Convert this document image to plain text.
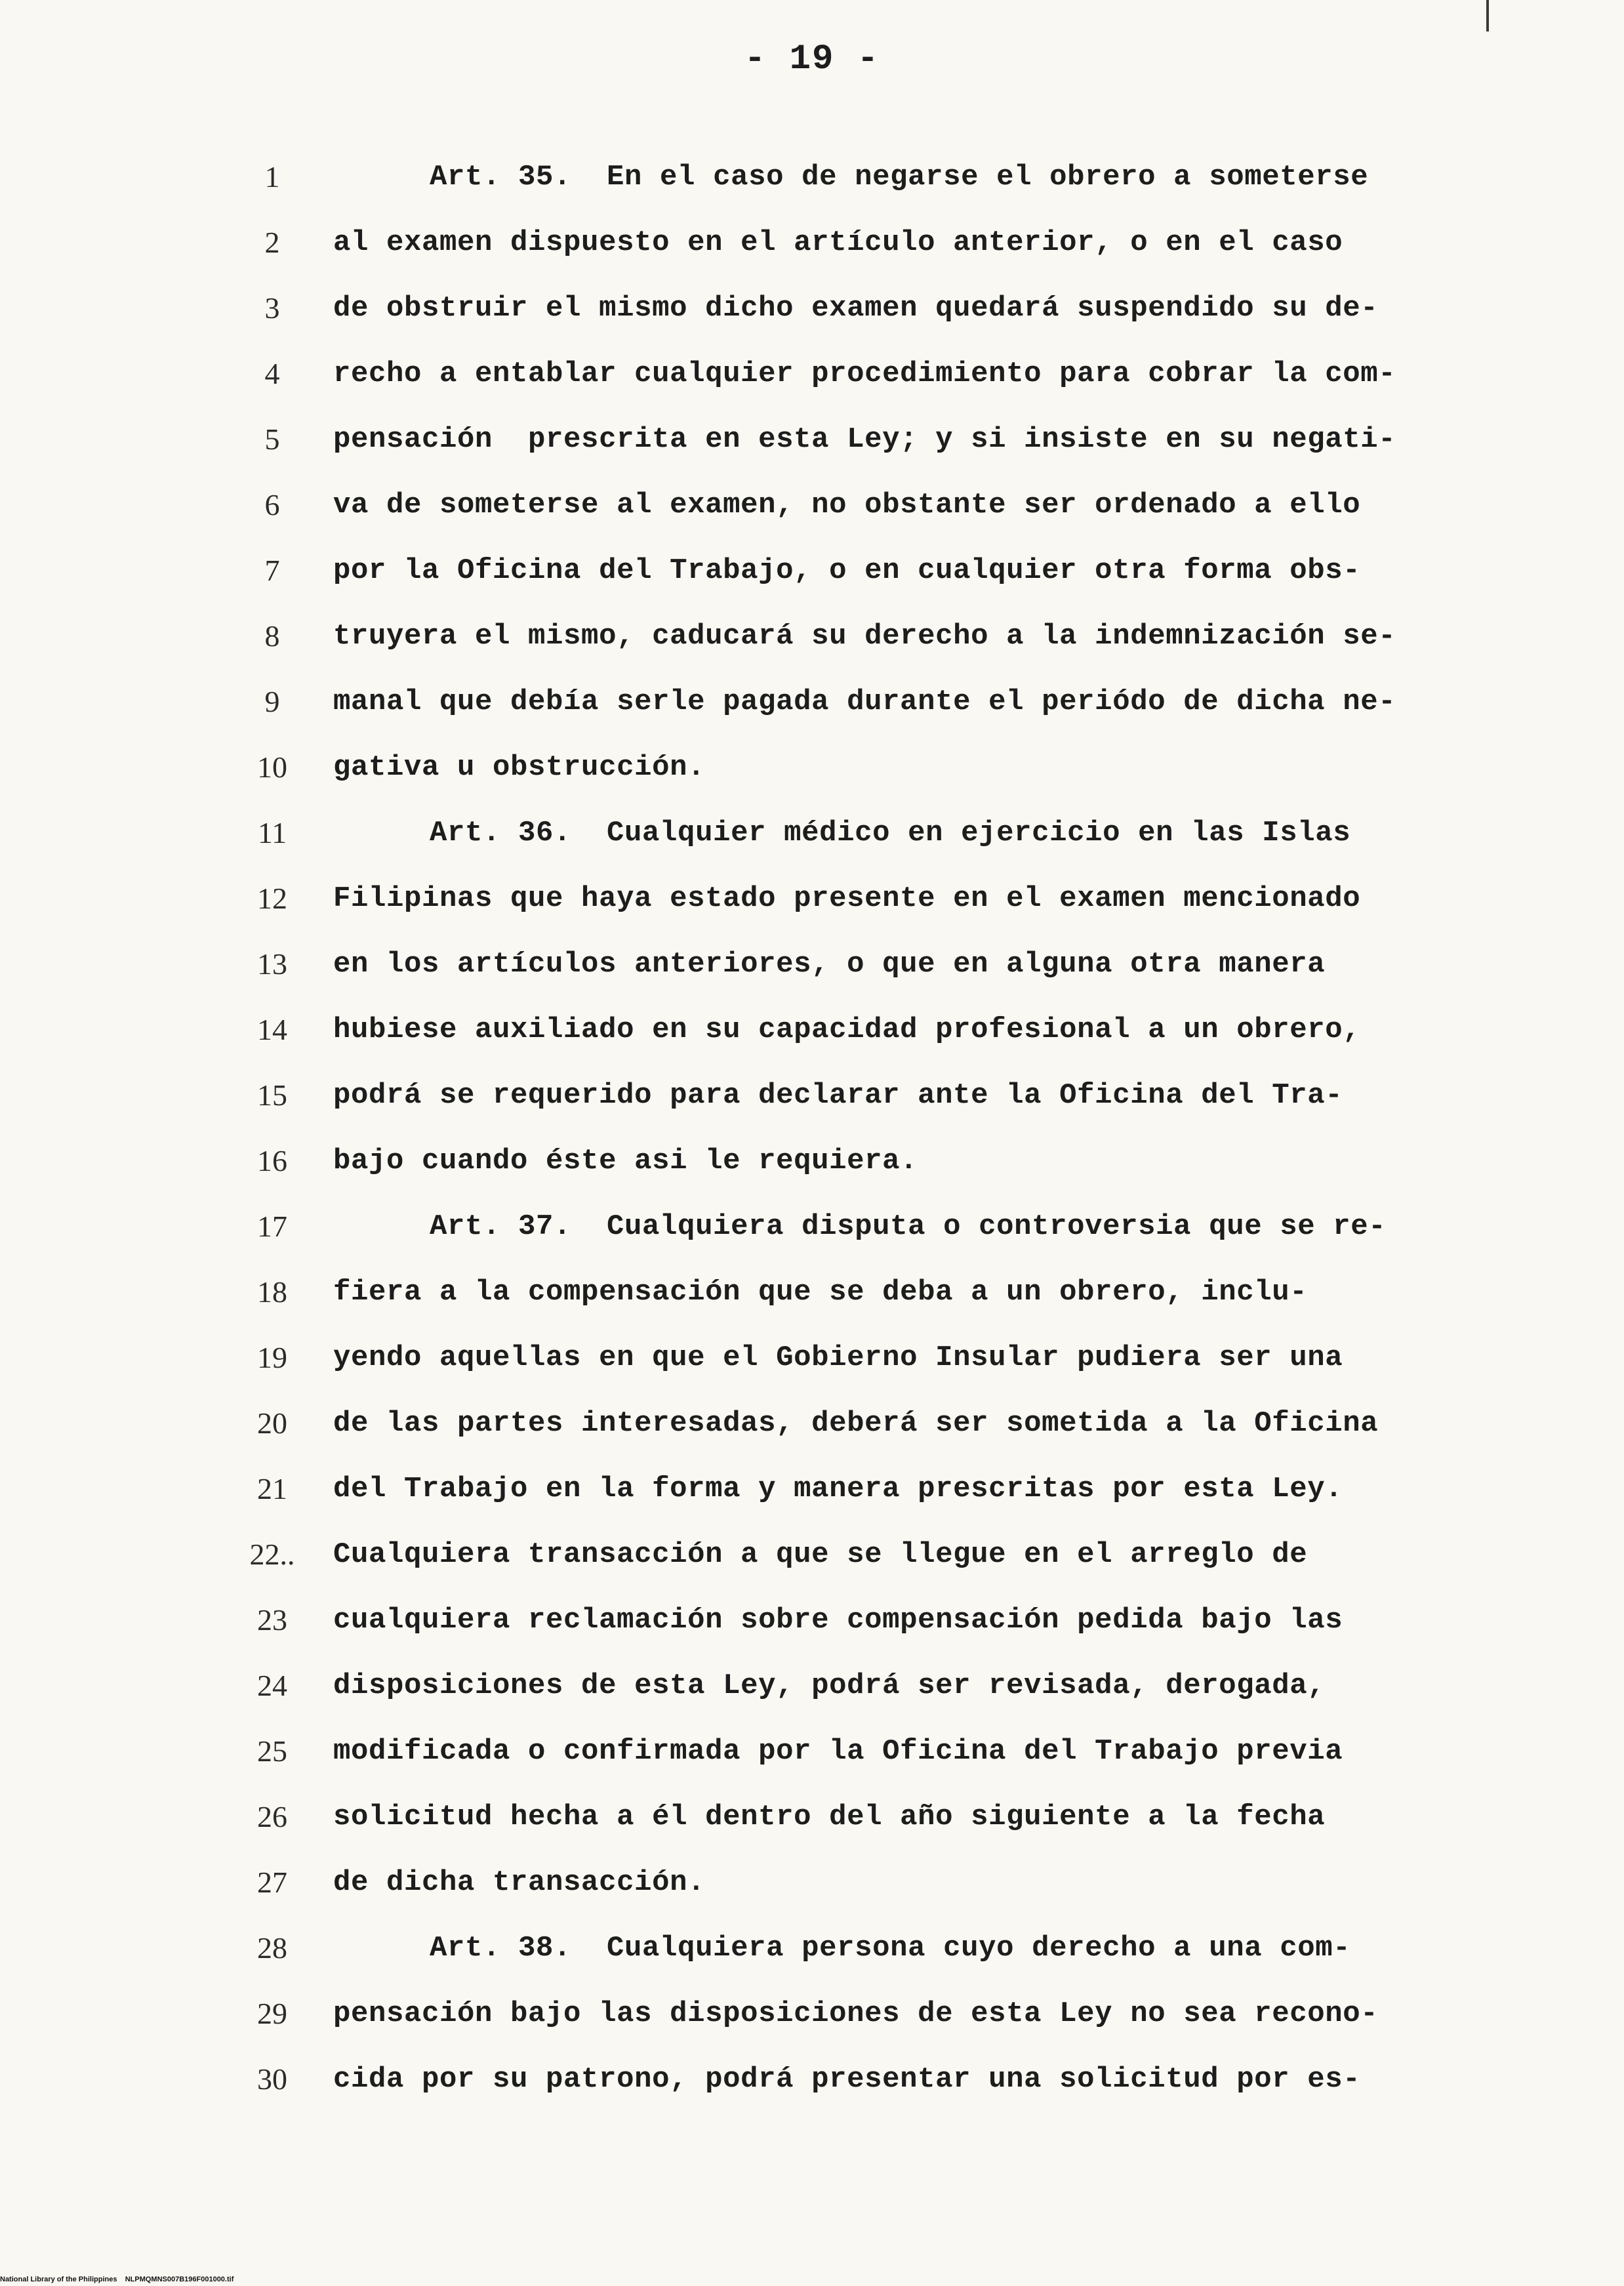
- 19 -
1	Art. 35.  En el caso de negarse el obrero a someterse
2	al examen dispuesto en el artículo anterior, o en el caso
3	de obstruir el mismo dicho examen quedará suspendido su de-
4	recho a entablar cualquier procedimiento para cobrar la com-
5	pensación  prescrita en esta Ley; y si insiste en su negati-
6	va de someterse al examen, no obstante ser ordenado a ello
7	por la Oficina del Trabajo, o en cualquier otra forma obs-
8	truyera el mismo, caducará su derecho a la indemnización se-
9	manal que debía serle pagada durante el periódo de dicha ne-
10	gativa u obstrucción.
11	Art. 36.  Cualquier médico en ejercicio en las Islas
12	Filipinas que haya estado presente en el examen mencionado
13	en los artículos anteriores, o que en alguna otra manera
14	hubiese auxiliado en su capacidad profesional a un obrero,
15	podrá se requerido para declarar ante la Oficina del Tra-
16	bajo cuando éste asi le requiera.
17	Art. 37.  Cualquiera disputa o controversia que se re-
18	fiera a la compensación que se deba a un obrero, inclu-
19	yendo aquellas en que el Gobierno Insular pudiera ser una
20	de las partes interesadas, deberá ser sometida a la Oficina
21	del Trabajo en la forma y manera prescritas por esta Ley.
22..	Cualquiera transacción a que se llegue en el arreglo de
23	cualquiera reclamación sobre compensación pedida bajo las
24	disposiciones de esta Ley, podrá ser revisada, derogada,
25	modificada o confirmada por la Oficina del Trabajo previa
26	solicitud hecha a él dentro del año siguiente a la fecha
27	de dicha transacción.
28	Art. 38.  Cualquiera persona cuyo derecho a una com-
29	pensación bajo las disposiciones de esta Ley no sea recono-
30	cida por su patrono, podrá presentar una solicitud por es-
National Library of the Philippines    NLPMQMNS007B196F001000.tif
